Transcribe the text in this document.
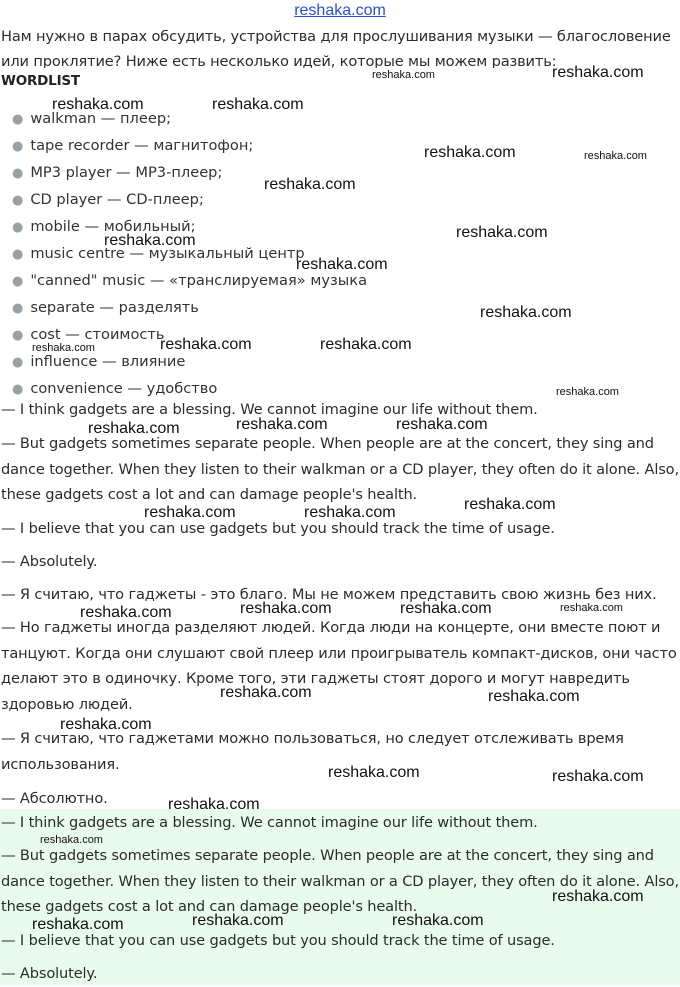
reshaka.com
Нам нужно в парах обсудить, устройства для прослушивания музыки — благословение или проклятие? Ниже есть несколько идей, которые мы можем развить:
WORDLIST
● walkman — плеер;
● tape recorder — магнитофон;
● MP3 player — MP3-плеер;
● CD player — CD-плеер;
● mobile — мобильный;
● music centre — музыкальный центр
● "canned" music — «транслируемая» музыка
● separate — разделять
● cost — стоимость
● influence — влияние
● convenience — удобство
— I think gadgets are a blessing. We cannot imagine our life without them.
— But gadgets sometimes separate people. When people are at the concert, they sing and dance together. When they listen to their walkman or a CD player, they often do it alone. Also, these gadgets cost a lot and can damage people's health.
— I believe that you can use gadgets but you should track the time of usage.
— Absolutely.
— Я считаю, что гаджеты - это благо. Мы не можем представить свою жизнь без них.
— Но гаджеты иногда разделяют людей. Когда люди на концерте, они вместе поют и танцуют. Когда они слушают свой плеер или проигрыватель компакт-дисков, они часто делают это в одиночку. Кроме того, эти гаджеты стоят дорого и могут навредить здоровью людей.
— Я считаю, что гаджетами можно пользоваться, но следует отслеживать время использования.
— Абсолютно.
— I think gadgets are a blessing. We cannot imagine our life without them.
— But gadgets sometimes separate people. When people are at the concert, they sing and dance together. When they listen to their walkman or a CD player, they often do it alone. Also, these gadgets cost a lot and can damage people's health.
— I believe that you can use gadgets but you should track the time of usage.
— Absolutely.
reshaka.com	reshaka.com
reshaka.com	reshaka.com
reshaka.com	reshaka.com
reshaka.com
reshaka.com	reshaka.com
reshaka.com
reshaka.com
reshaka.com	reshaka.com	reshaka.com
reshaka.com
reshaka.com	reshaka.com	reshaka.com
reshaka.com
reshaka.com	reshaka.com
reshaka.com	reshaka.com	reshaka.com	reshaka.com
reshaka.com	reshaka.com
reshaka.com
reshaka.com	reshaka.com
reshaka.com
reshaka.com
reshaka.com
reshaka.com	reshaka.com	reshaka.com
